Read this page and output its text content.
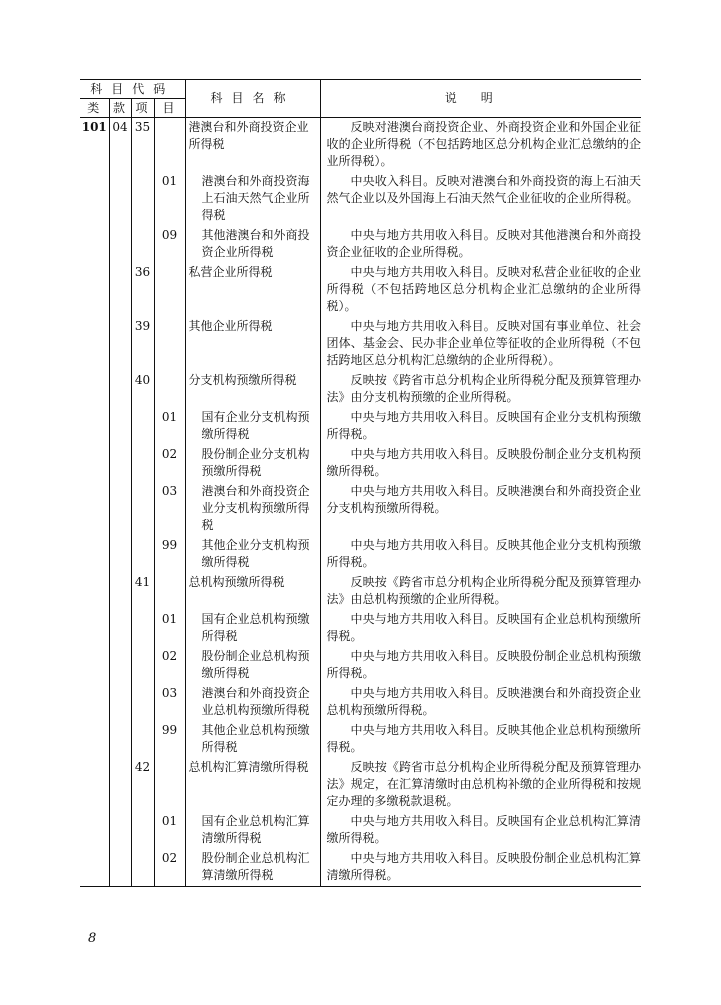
科目代码				科目名称	说明
类	款	项	目		
101	04	35		港澳台和外商投资企业所得税	反映对港澳台商投资企业、外商投资企业和外国企业征收的企业所得税（不包括跨地区总分机构企业汇总缴纳的企业所得税）。
			01	港澳台和外商投资海上石油天然气企业所得税	中央收入科目。反映对港澳台和外商投资的海上石油天然气企业以及外国海上石油天然气企业征收的企业所得税。
			09	其他港澳台和外商投资企业所得税	中央与地方共用收入科目。反映对其他港澳台和外商投资企业征收的企业所得税。
		36		私营企业所得税	中央与地方共用收入科目。反映对私营企业征收的企业所得税（不包括跨地区总分机构企业汇总缴纳的企业所得税）。
		39		其他企业所得税	中央与地方共用收入科目。反映对国有事业单位、社会团体、基金会、民办非企业单位等征收的企业所得税（不包括跨地区总分机构汇总缴纳的企业所得税）。
		40		分支机构预缴所得税	反映按《跨省市总分机构企业所得税分配及预算管理办法》由分支机构预缴的企业所得税。
			01	国有企业分支机构预缴所得税	中央与地方共用收入科目。反映国有企业分支机构预缴所得税。
			02	股份制企业分支机构预缴所得税	中央与地方共用收入科目。反映股份制企业分支机构预缴所得税。
			03	港澳台和外商投资企业分支机构预缴所得税	中央与地方共用收入科目。反映港澳台和外商投资企业分支机构预缴所得税。
			99	其他企业分支机构预缴所得税	中央与地方共用收入科目。反映其他企业分支机构预缴所得税。
		41		总机构预缴所得税	反映按《跨省市总分机构企业所得税分配及预算管理办法》由总机构预缴的企业所得税。
			01	国有企业总机构预缴所得税	中央与地方共用收入科目。反映国有企业总机构预缴所得税。
			02	股份制企业总机构预缴所得税	中央与地方共用收入科目。反映股份制企业总机构预缴所得税。
			03	港澳台和外商投资企业总机构预缴所得税	中央与地方共用收入科目。反映港澳台和外商投资企业总机构预缴所得税。
			99	其他企业总机构预缴所得税	中央与地方共用收入科目。反映其他企业总机构预缴所得税。
		42		总机构汇算清缴所得税	反映按《跨省市总分机构企业所得税分配及预算管理办法》规定，在汇算清缴时由总机构补缴的企业所得税和按规定办理的多缴税款退税。
			01	国有企业总机构汇算清缴所得税	中央与地方共用收入科目。反映国有企业总机构汇算清缴所得税。
			02	股份制企业总机构汇算清缴所得税	中央与地方共用收入科目。反映股份制企业总机构汇算清缴所得税。
8
